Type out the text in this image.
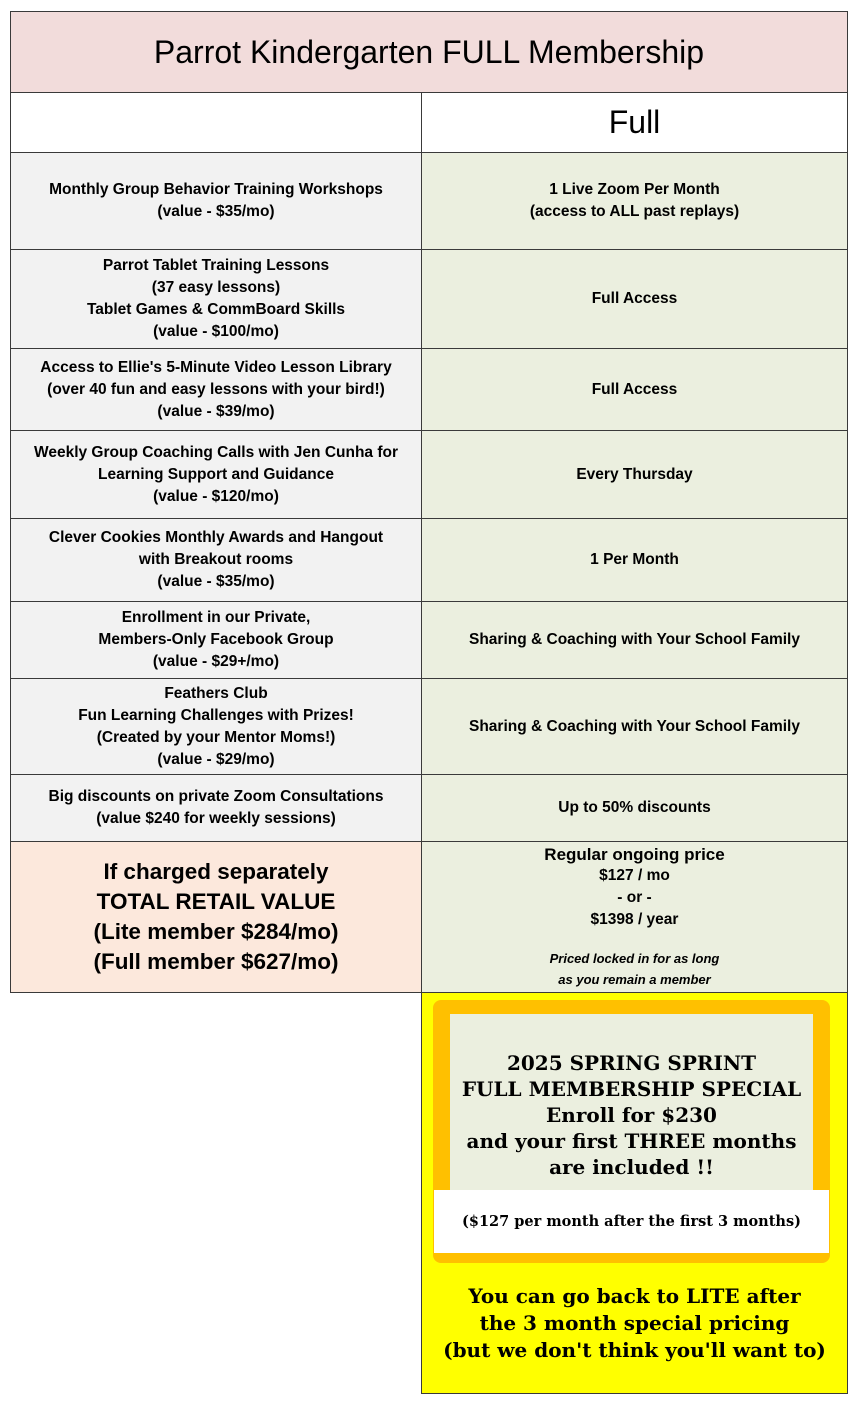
Parrot Kindergarten FULL Membership
Full
Monthly Group Behavior Training Workshops
(value - $35/mo)
1 Live Zoom Per Month
(access to ALL past replays)
Parrot Tablet Training Lessons
(37 easy lessons)
Tablet Games & CommBoard Skills
(value - $100/mo)
Full Access
Access to Ellie's 5-Minute Video Lesson Library
(over 40 fun and easy lessons with your bird!)
(value - $39/mo)
Full Access
Weekly Group Coaching Calls with Jen Cunha for
Learning Support and Guidance
(value - $120/mo)
Every Thursday
Clever Cookies Monthly Awards and Hangout
with Breakout rooms
(value - $35/mo)
1 Per Month
Enrollment in our Private,
Members-Only Facebook Group
(value - $29+/mo)
Sharing & Coaching with Your School Family
Feathers Club
Fun Learning Challenges with Prizes!
(Created by your Mentor Moms!)
(value - $29/mo)
Sharing & Coaching with Your School Family
Big discounts on private Zoom Consultations
(value $240 for weekly sessions)
Up to 50% discounts
If charged separately
TOTAL RETAIL VALUE
(Lite member $284/mo)
(Full member $627/mo)
Regular ongoing price
$127 / mo
- or -
$1398 / year
Priced locked in for as long
as you remain a member
2025 SPRING SPRINT
FULL MEMBERSHIP SPECIAL
Enroll for $230
and your first THREE months
are included !!
($127 per month after the first 3 months)
You can go back to LITE after
the 3 month special pricing
(but we don't think you'll want to)
